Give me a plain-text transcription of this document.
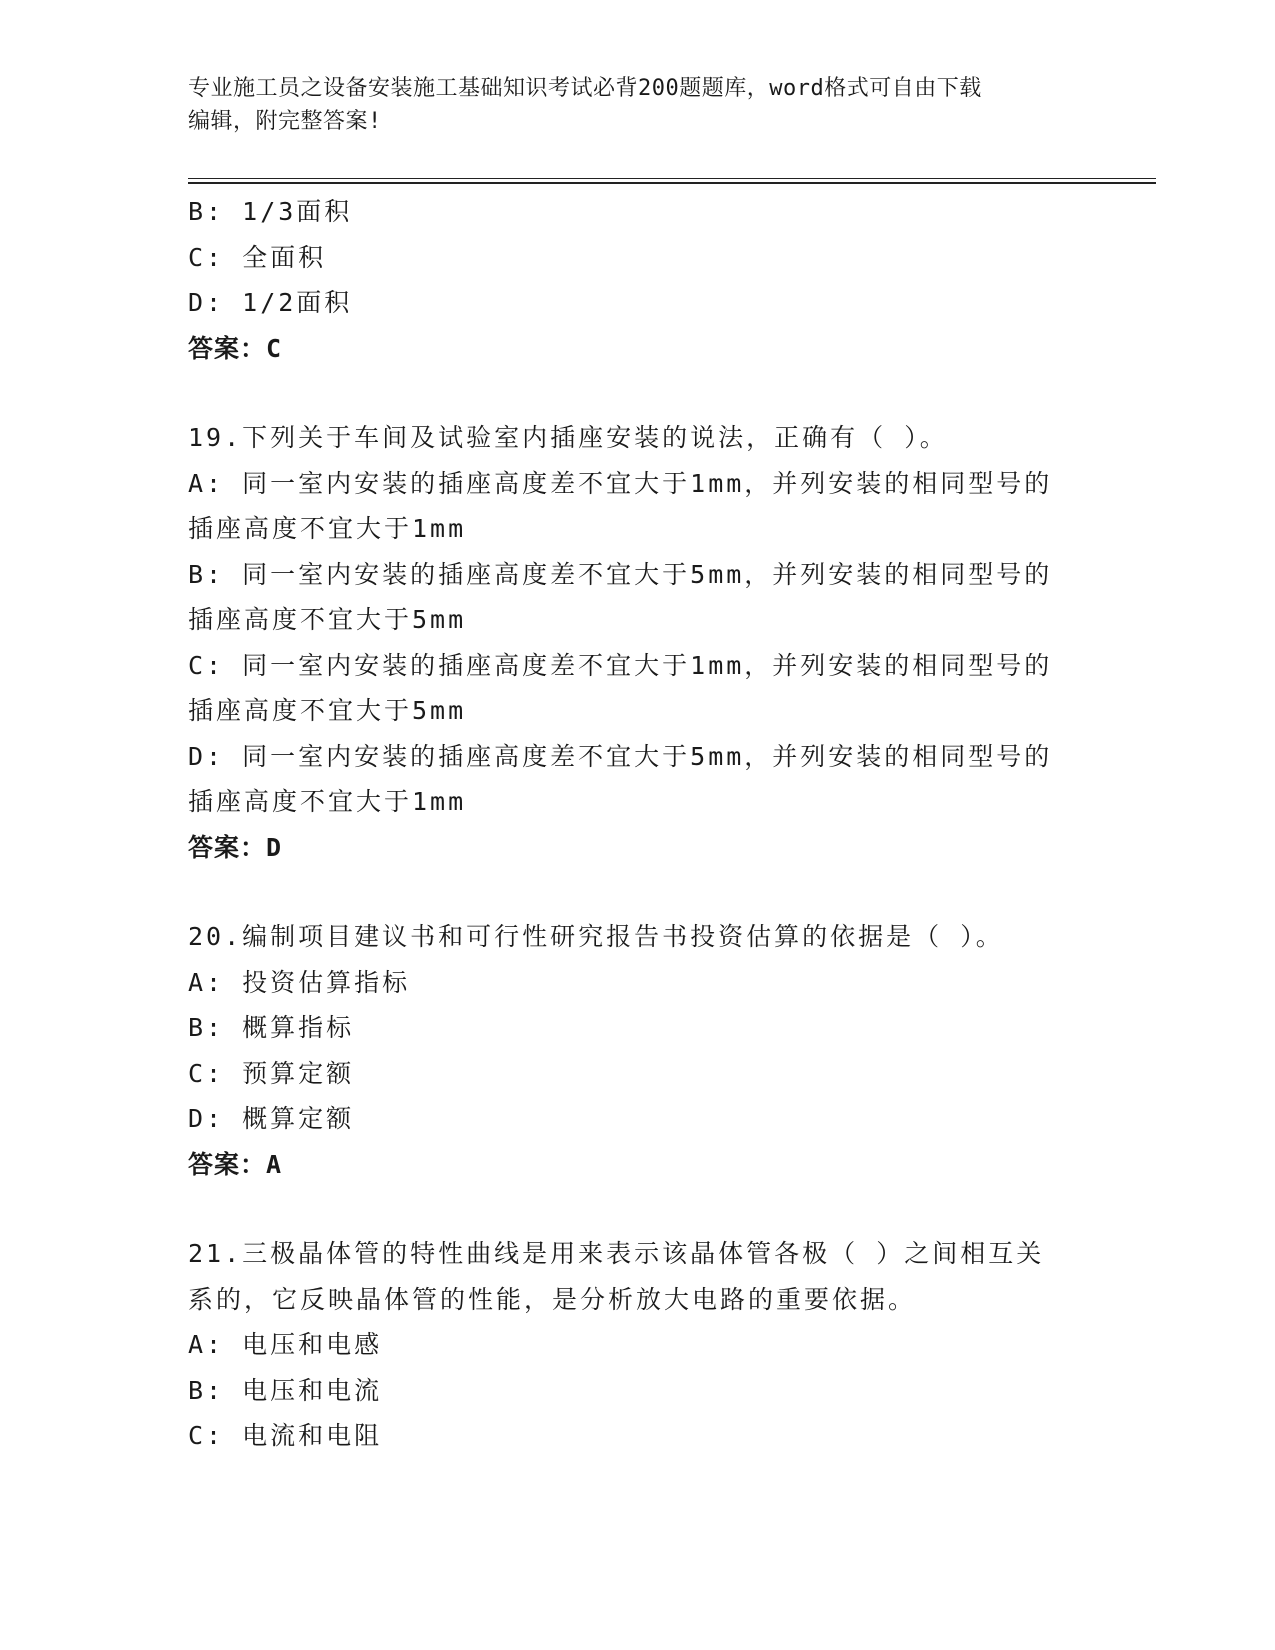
专业施工员之设备安装施工基础知识考试必背200题题库，word格式可自由下载
编辑，附完整答案!
B: 1/3面积
C: 全面积
D: 1/2面积
答案：C
19.下列关于车间及试验室内插座安装的说法，正确有（ ）。
A: 同一室内安装的插座高度差不宜大于1mm，并列安装的相同型号的
插座高度不宜大于1mm
B: 同一室内安装的插座高度差不宜大于5mm，并列安装的相同型号的
插座高度不宜大于5mm
C: 同一室内安装的插座高度差不宜大于1mm，并列安装的相同型号的
插座高度不宜大于5mm
D: 同一室内安装的插座高度差不宜大于5mm，并列安装的相同型号的
插座高度不宜大于1mm
答案：D
20.编制项目建议书和可行性研究报告书投资估算的依据是（ ）。
A: 投资估算指标
B: 概算指标
C: 预算定额
D: 概算定额
答案：A
21.三极晶体管的特性曲线是用来表示该晶体管各极（ ）之间相互关
系的，它反映晶体管的性能，是分析放大电路的重要依据。
A: 电压和电感
B: 电压和电流
C: 电流和电阻
